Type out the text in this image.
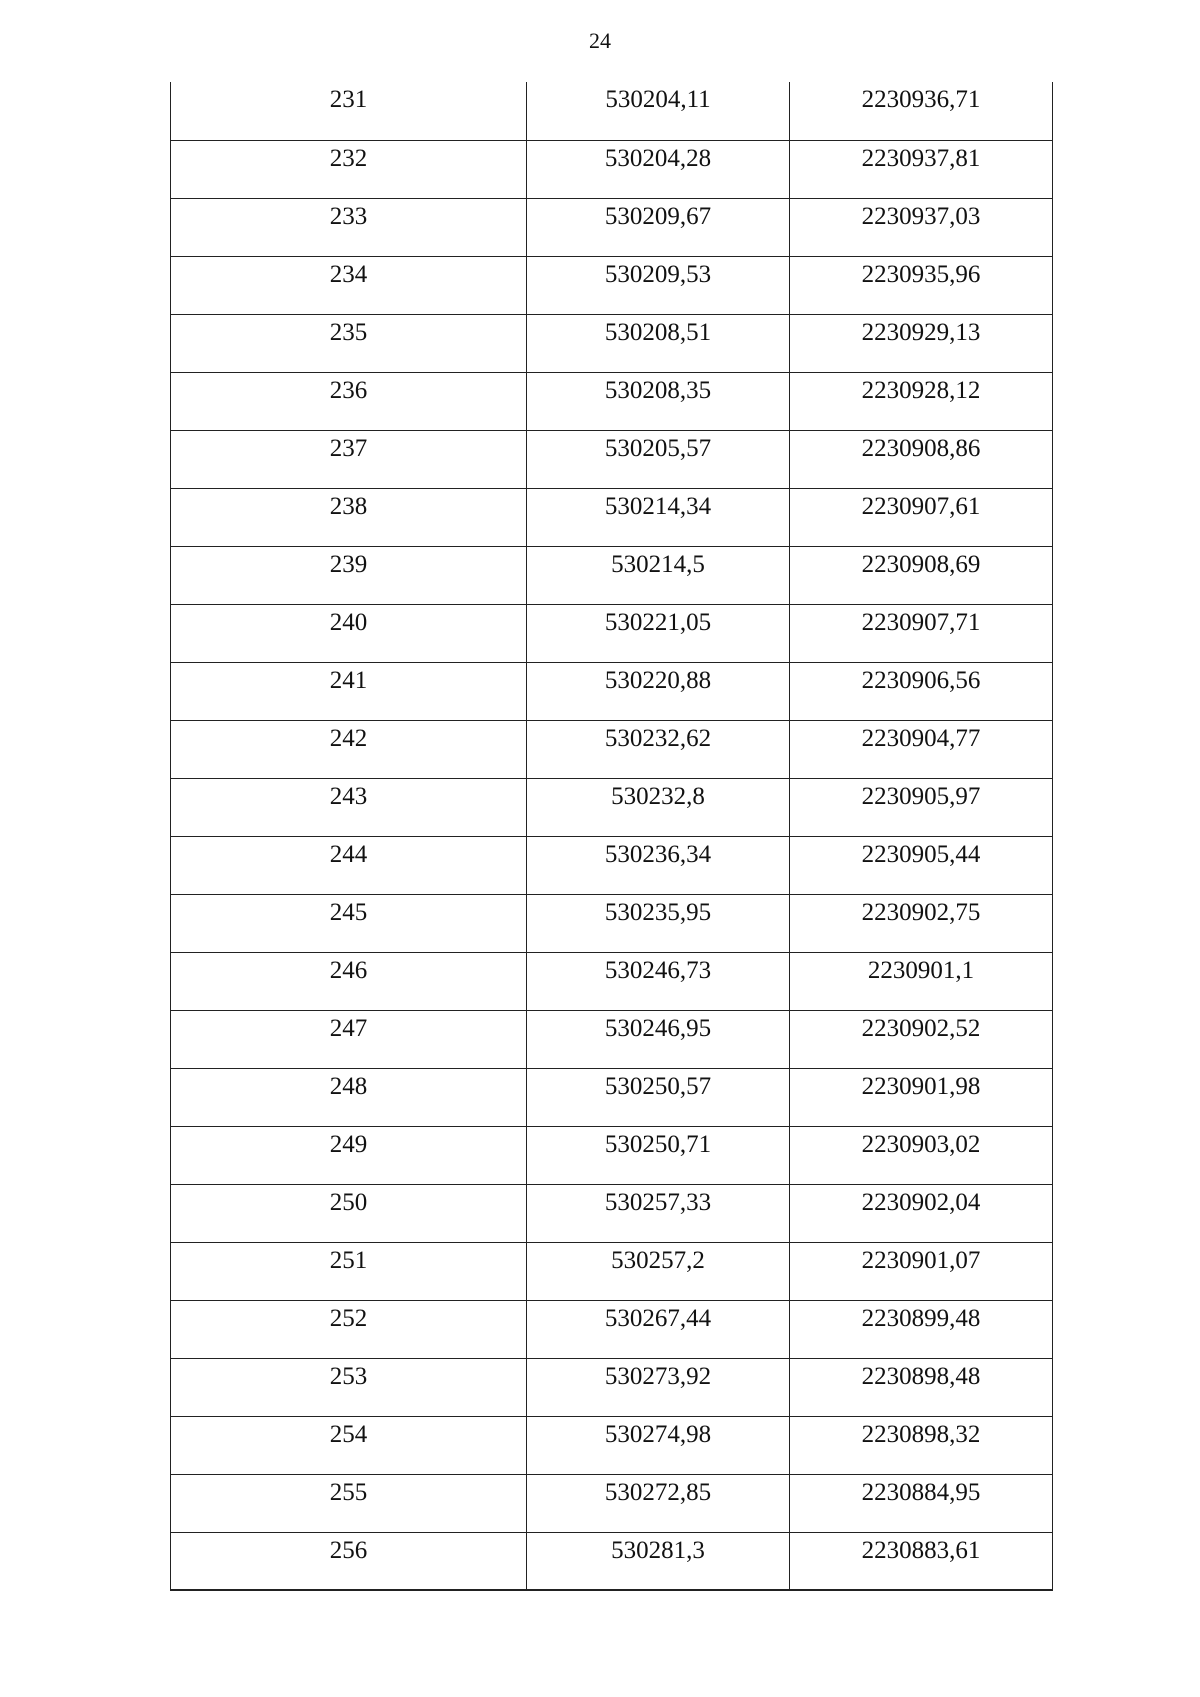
24
231	530204,11	2230936,71
232	530204,28	2230937,81
233	530209,67	2230937,03
234	530209,53	2230935,96
235	530208,51	2230929,13
236	530208,35	2230928,12
237	530205,57	2230908,86
238	530214,34	2230907,61
239	530214,5	2230908,69
240	530221,05	2230907,71
241	530220,88	2230906,56
242	530232,62	2230904,77
243	530232,8	2230905,97
244	530236,34	2230905,44
245	530235,95	2230902,75
246	530246,73	2230901,1
247	530246,95	2230902,52
248	530250,57	2230901,98
249	530250,71	2230903,02
250	530257,33	2230902,04
251	530257,2	2230901,07
252	530267,44	2230899,48
253	530273,92	2230898,48
254	530274,98	2230898,32
255	530272,85	2230884,95
256	530281,3	2230883,61
